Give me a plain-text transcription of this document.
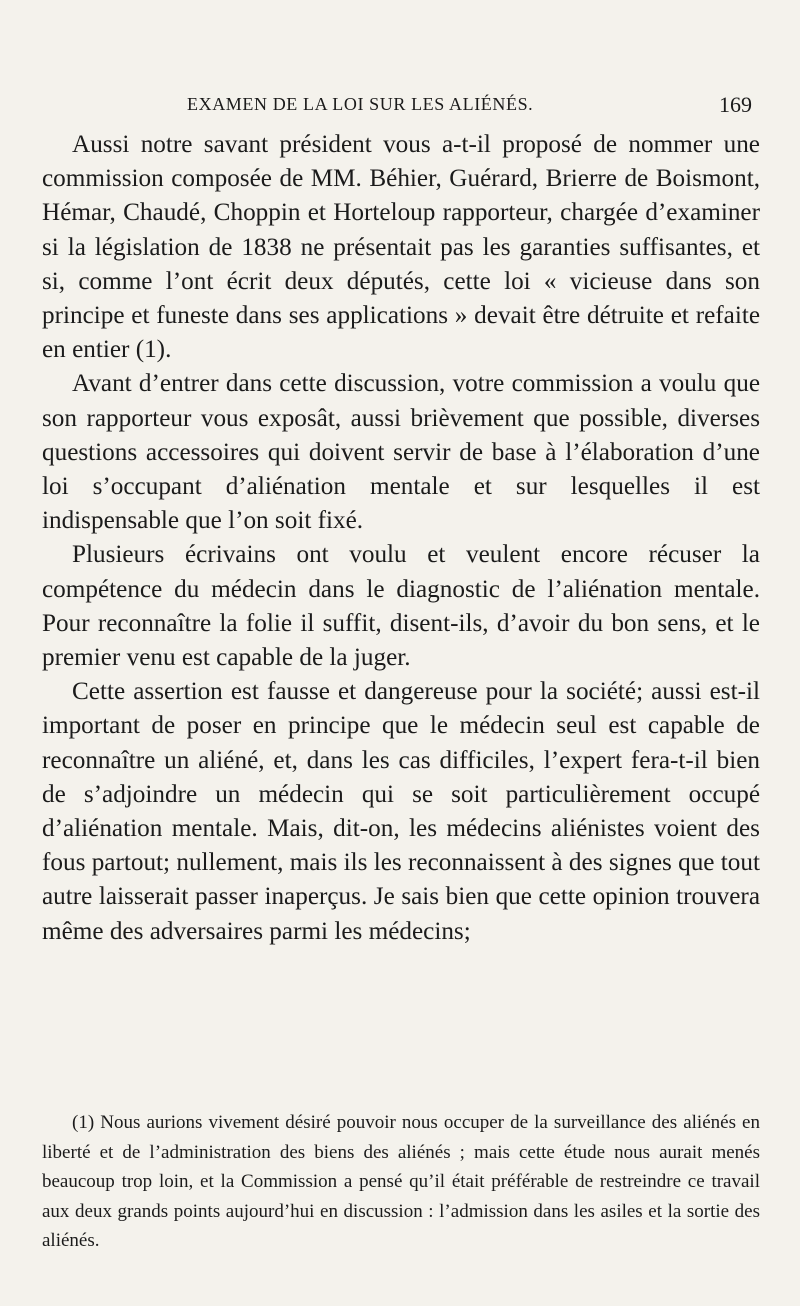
EXAMEN DE LA LOI SUR LES ALIÉNÉS.	169

Aussi notre savant président vous a-t-il proposé de nommer une commission composée de MM. Béhier, Guérard, Brierre de Boismont, Hémar, Chaudé, Choppin et Horteloup rapporteur, chargée d’examiner si la législation de 1838 ne présentait pas les garanties suffisantes, et si, comme l’ont écrit deux députés, cette loi « vicieuse dans son principe et funeste dans ses applications » devait être détruite et refaite en entier (1).

Avant d’entrer dans cette discussion, votre commission a voulu que son rapporteur vous exposât, aussi brièvement que possible, diverses questions accessoires qui doivent servir de base à l’élaboration d’une loi s’occupant d’aliénation mentale et sur lesquelles il est indispensable que l’on soit fixé.

Plusieurs écrivains ont voulu et veulent encore récuser la compétence du médecin dans le diagnostic de l’aliénation mentale. Pour reconnaître la folie il suffit, disent-ils, d’avoir du bon sens, et le premier venu est capable de la juger.

Cette assertion est fausse et dangereuse pour la société; aussi est-il important de poser en principe que le médecin seul est capable de reconnaître un aliéné, et, dans les cas difficiles, l’expert fera-t-il bien de s’adjoindre un médecin qui se soit particulièrement occupé d’aliénation mentale. Mais, dit-on, les médecins aliénistes voient des fous partout; nullement, mais ils les reconnaissent à des signes que tout autre laisserait passer inaperçus. Je sais bien que cette opinion trouvera même des adversaires parmi les médecins;

(1) Nous aurions vivement désiré pouvoir nous occuper de la surveillance des aliénés en liberté et de l’administration des biens des aliénés ; mais cette étude nous aurait menés beaucoup trop loin, et la Commission a pensé qu’il était préférable de restreindre ce travail aux deux grands points aujourd’hui en discussion : l’admission dans les asiles et la sortie des aliénés.
